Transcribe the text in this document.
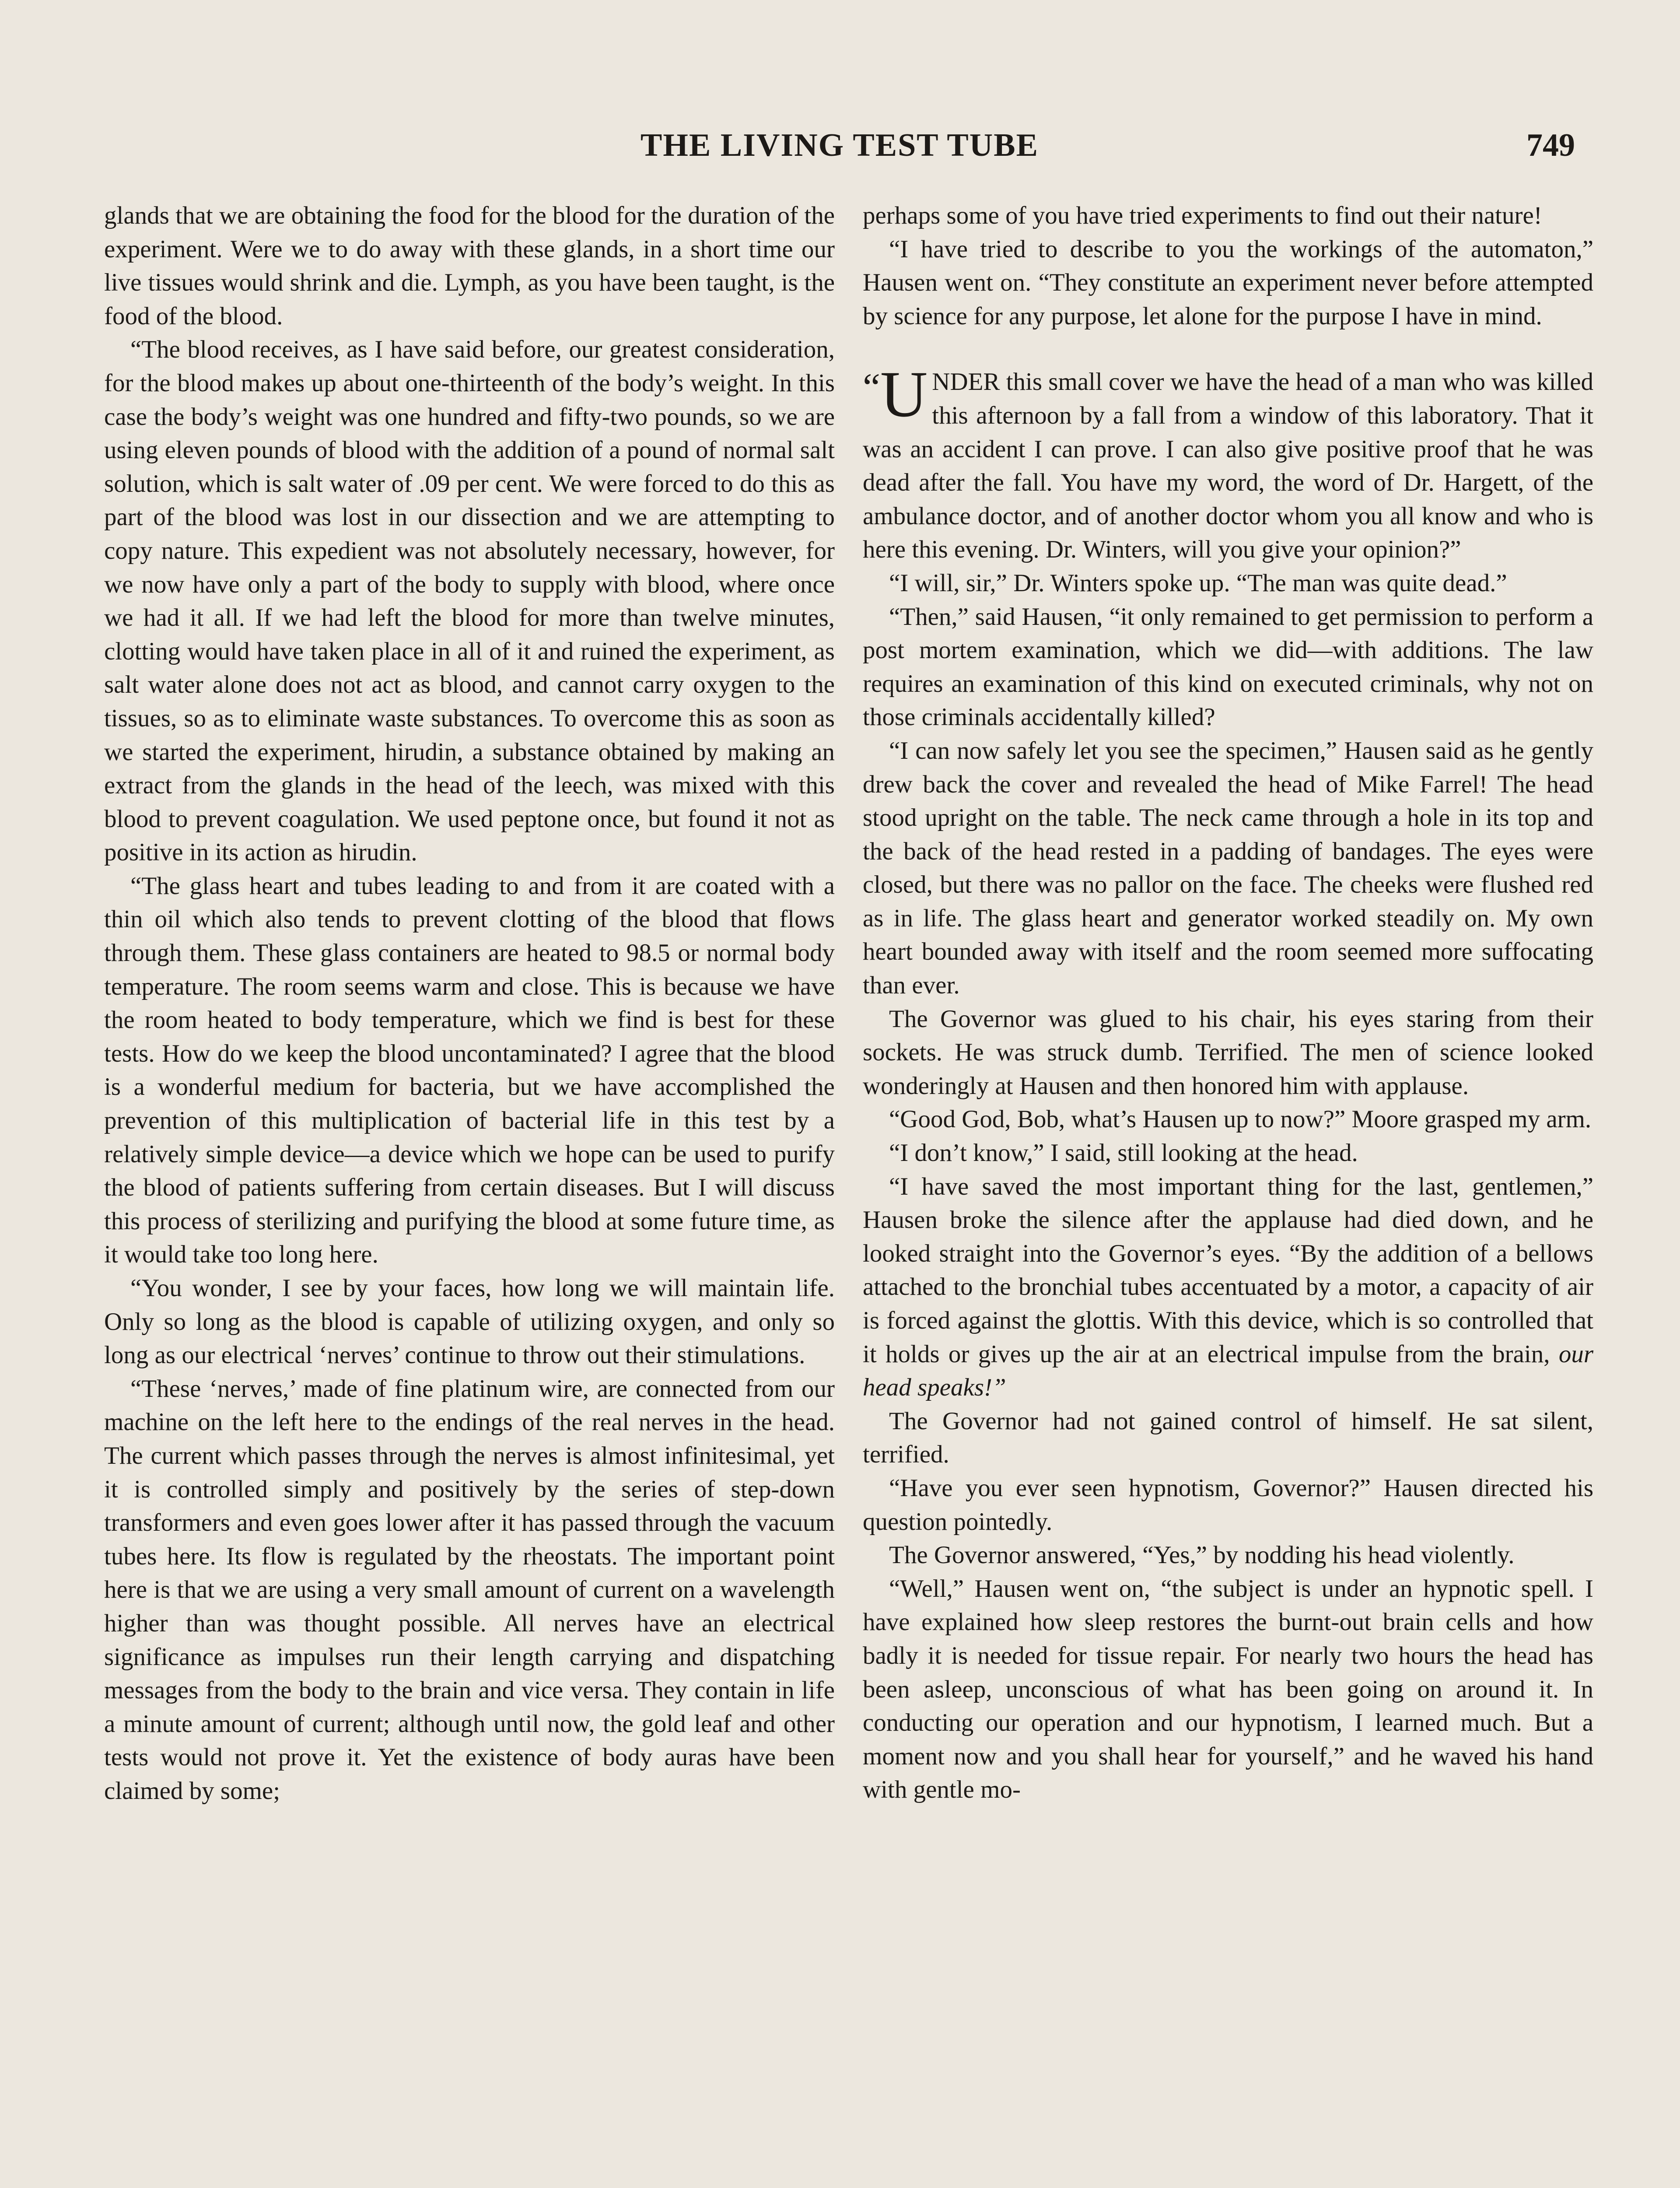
THE LIVING TEST TUBE	749

glands that we are obtaining the food for the blood for the duration of the experiment. Were we to do away with these glands, in a short time our live tissues would shrink and die. Lymph, as you have been taught, is the food of the blood.

“The blood receives, as I have said before, our greatest consideration, for the blood makes up about one-thirteenth of the body’s weight. In this case the body’s weight was one hundred and fifty-two pounds, so we are using eleven pounds of blood with the addition of a pound of normal salt solution, which is salt water of .09 per cent. We were forced to do this as part of the blood was lost in our dissection and we are attempting to copy nature. This expedient was not absolutely necessary, however, for we now have only a part of the body to supply with blood, where once we had it all. If we had left the blood for more than twelve minutes, clotting would have taken place in all of it and ruined the experiment, as salt water alone does not act as blood, and cannot carry oxygen to the tissues, so as to eliminate waste substances. To overcome this as soon as we started the experiment, hirudin, a substance obtained by making an extract from the glands in the head of the leech, was mixed with this blood to prevent coagulation. We used peptone once, but found it not as positive in its action as hirudin.

“The glass heart and tubes leading to and from it are coated with a thin oil which also tends to prevent clotting of the blood that flows through them. These glass containers are heated to 98.5 or normal body temperature. The room seems warm and close. This is because we have the room heated to body temperature, which we find is best for these tests. How do we keep the blood uncontaminated? I agree that the blood is a wonderful medium for bacteria, but we have accomplished the prevention of this multiplication of bacterial life in this test by a relatively simple device—a device which we hope can be used to purify the blood of patients suffering from certain diseases. But I will discuss this process of sterilizing and purifying the blood at some future time, as it would take too long here.

“You wonder, I see by your faces, how long we will maintain life. Only so long as the blood is capable of utilizing oxygen, and only so long as our electrical ‘nerves’ continue to throw out their stimulations.

“These ‘nerves,’ made of fine platinum wire, are connected from our machine on the left here to the endings of the real nerves in the head. The current which passes through the nerves is almost infinitesimal, yet it is controlled simply and positively by the series of step-down transformers and even goes lower after it has passed through the vacuum tubes here. Its flow is regulated by the rheostats. The important point here is that we are using a very small amount of current on a wavelength higher than was thought possible. All nerves have an electrical significance as impulses run their length carrying and dispatching messages from the body to the brain and vice versa. They contain in life a minute amount of current; although until now, the gold leaf and other tests would not prove it. Yet the existence of body auras have been claimed by some;

perhaps some of you have tried experiments to find out their nature!

“I have tried to describe to you the workings of the automaton,” Hausen went on. “They constitute an experiment never before attempted by science for any purpose, let alone for the purpose I have in mind.

“U NDER this small cover we have the head of a man who was killed this afternoon by a fall from a window of this laboratory. That it was an accident I can prove. I can also give positive proof that he was dead after the fall. You have my word, the word of Dr. Hargett, of the ambulance doctor, and of another doctor whom you all know and who is here this evening. Dr. Winters, will you give your opinion?”

“I will, sir,” Dr. Winters spoke up. “The man was quite dead.”

“Then,” said Hausen, “it only remained to get permission to perform a post mortem examination, which we did—with additions. The law requires an examination of this kind on executed criminals, why not on those criminals accidentally killed?

“I can now safely let you see the specimen,” Hausen said as he gently drew back the cover and revealed the head of Mike Farrel! The head stood upright on the table. The neck came through a hole in its top and the back of the head rested in a padding of bandages. The eyes were closed, but there was no pallor on the face. The cheeks were flushed red as in life. The glass heart and generator worked steadily on. My own heart bounded away with itself and the room seemed more suffocating than ever.

The Governor was glued to his chair, his eyes staring from their sockets. He was struck dumb. Terrified. The men of science looked wonderingly at Hausen and then honored him with applause.

“Good God, Bob, what’s Hausen up to now?” Moore grasped my arm.

“I don’t know,” I said, still looking at the head.

“I have saved the most important thing for the last, gentlemen,” Hausen broke the silence after the applause had died down, and he looked straight into the Governor’s eyes. “By the addition of a bellows attached to the bronchial tubes accentuated by a motor, a capacity of air is forced against the glottis. With this device, which is so controlled that it holds or gives up the air at an electrical impulse from the brain, our head speaks!”

The Governor had not gained control of himself. He sat silent, terrified.

“Have you ever seen hypnotism, Governor?” Hausen directed his question pointedly.

The Governor answered, “Yes,” by nodding his head violently.

“Well,” Hausen went on, “the subject is under an hypnotic spell. I have explained how sleep restores the burnt-out brain cells and how badly it is needed for tissue repair. For nearly two hours the head has been asleep, unconscious of what has been going on around it. In conducting our operation and our hypnotism, I learned much. But a moment now and you shall hear for yourself,” and he waved his hand with gentle mo-
